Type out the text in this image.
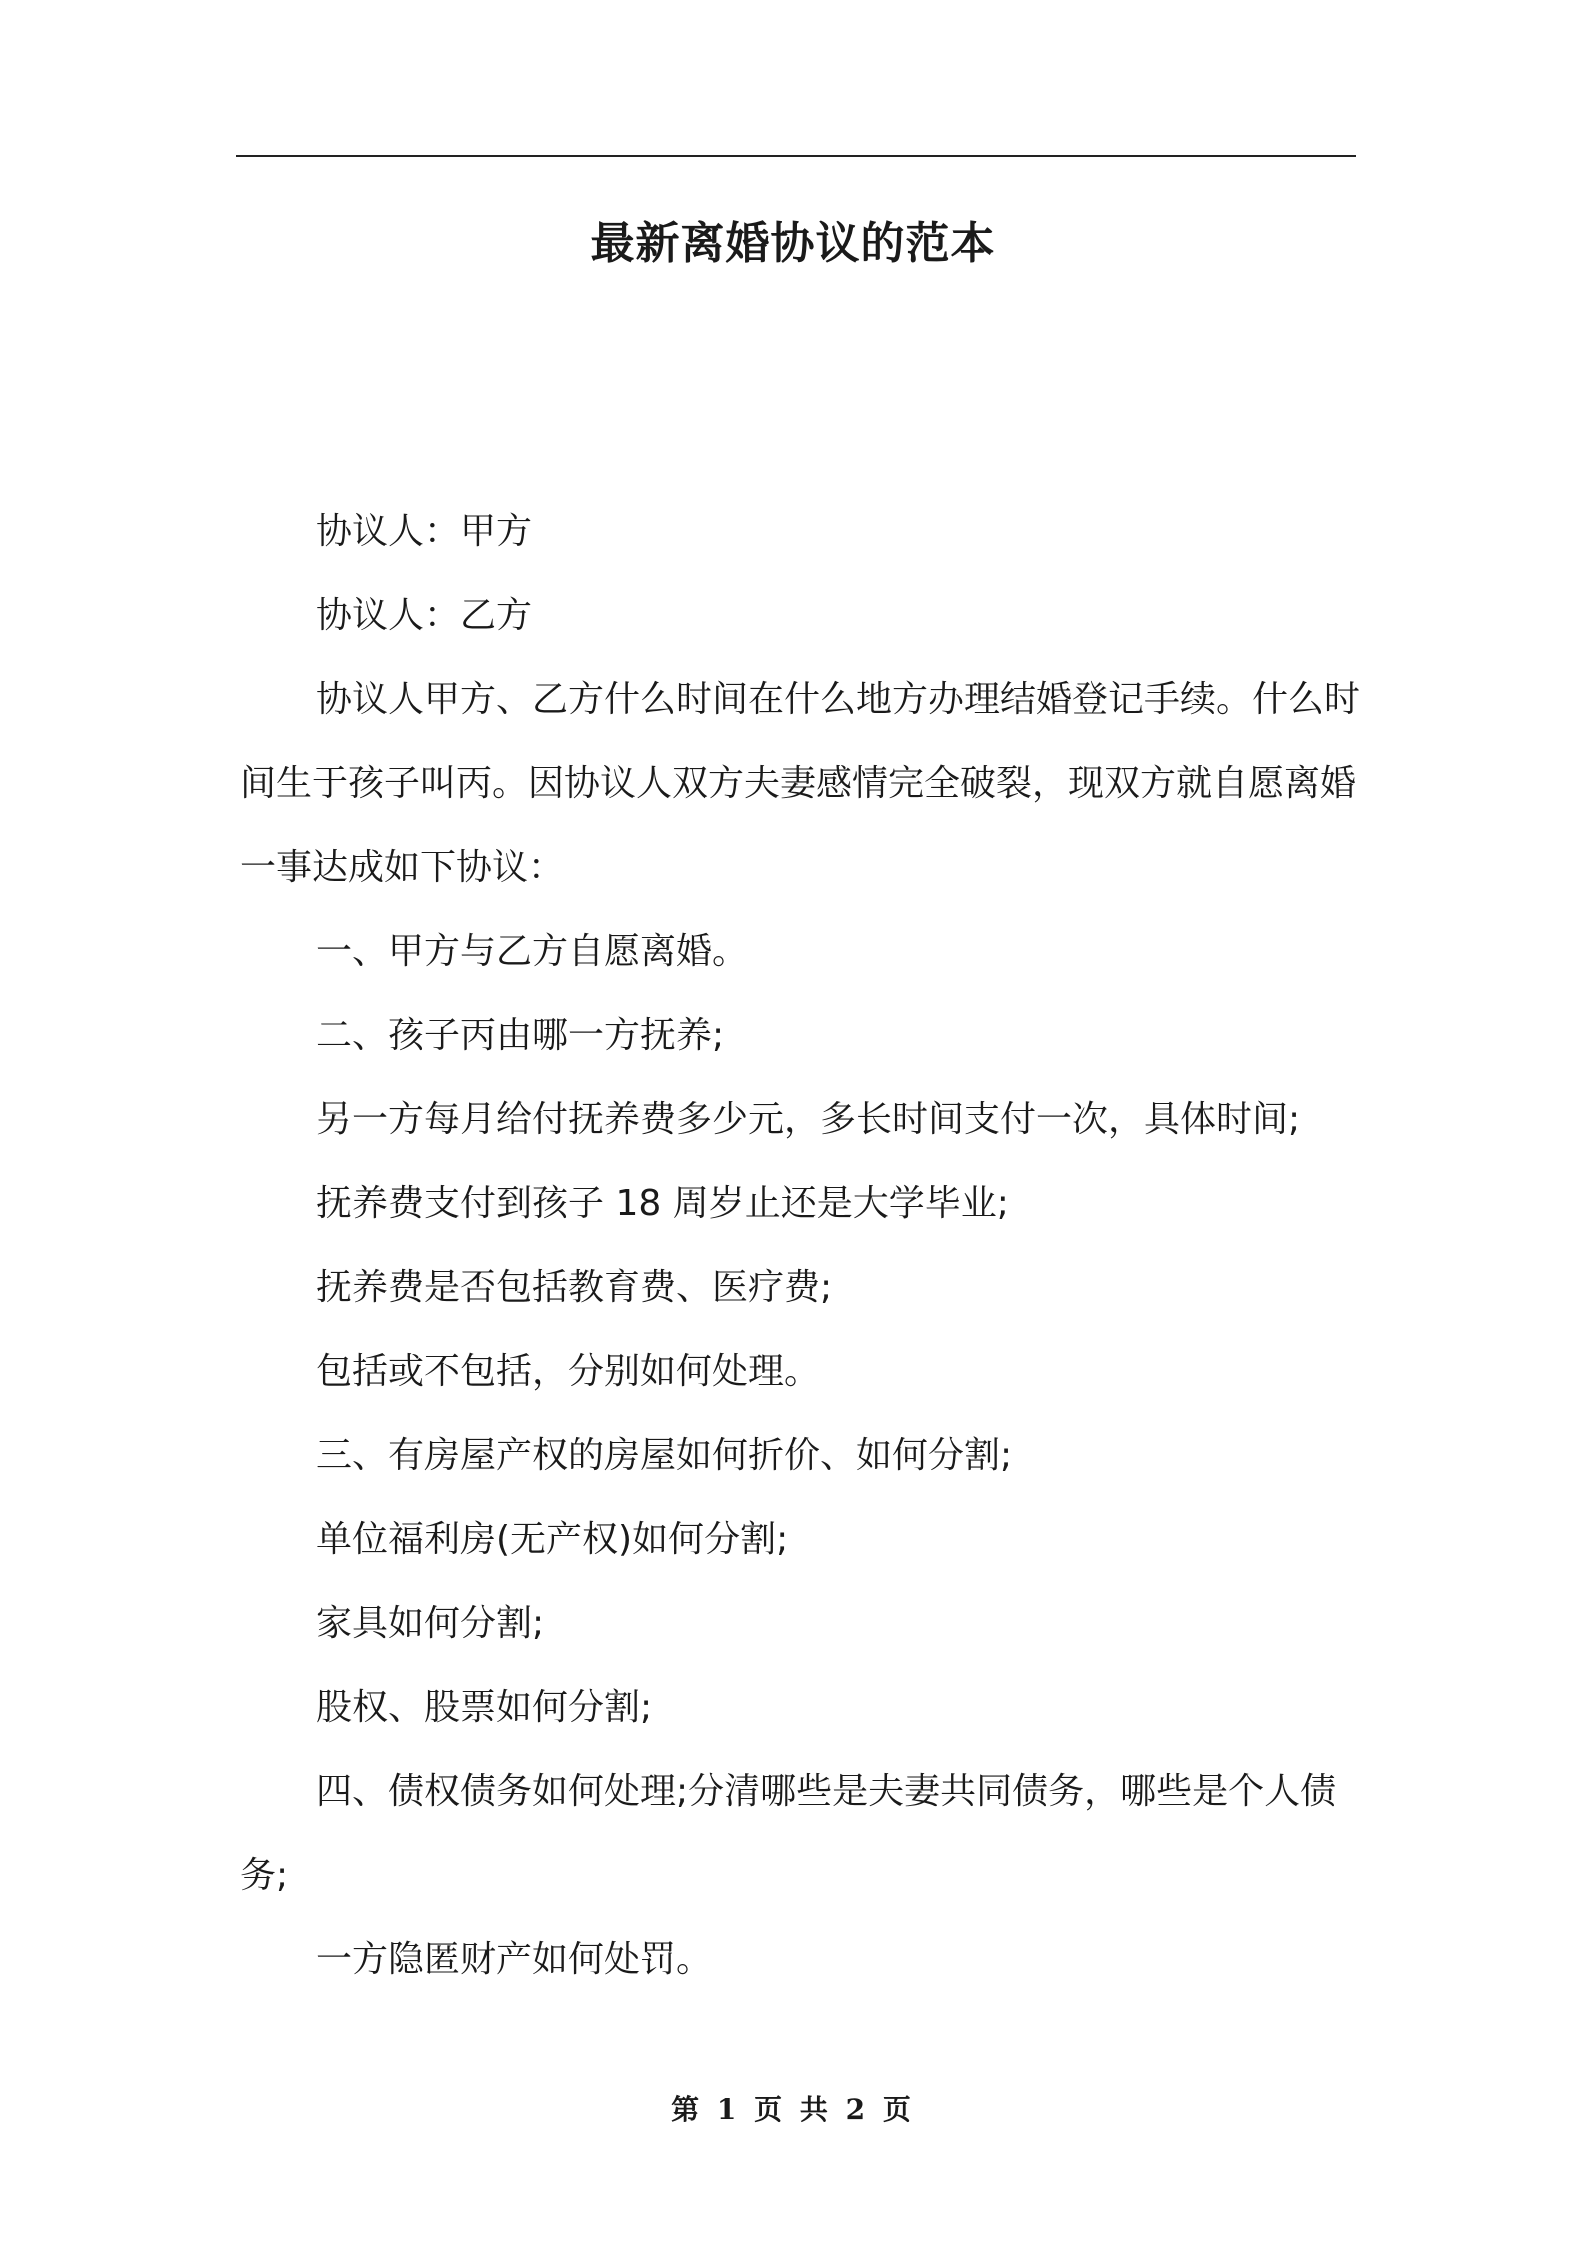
最新离婚协议的范本

协议人：甲方

协议人：乙方

协议人甲方、乙方什么时间在什么地方办理结婚登记手续。什么时间生于孩子叫丙。因协议人双方夫妻感情完全破裂，现双方就自愿离婚一事达成如下协议：

一、甲方与乙方自愿离婚。

二、孩子丙由哪一方抚养;

另一方每月给付抚养费多少元，多长时间支付一次，具体时间;

抚养费支付到孩子 18 周岁止还是大学毕业;

抚养费是否包括教育费、医疗费;

包括或不包括，分别如何处理。

三、有房屋产权的房屋如何折价、如何分割;

单位福利房(无产权)如何分割;

家具如何分割;

股权、股票如何分割;

四、债权债务如何处理;分清哪些是夫妻共同债务，哪些是个人债务;

一方隐匿财产如何处罚。

第 1 页 共 2 页
